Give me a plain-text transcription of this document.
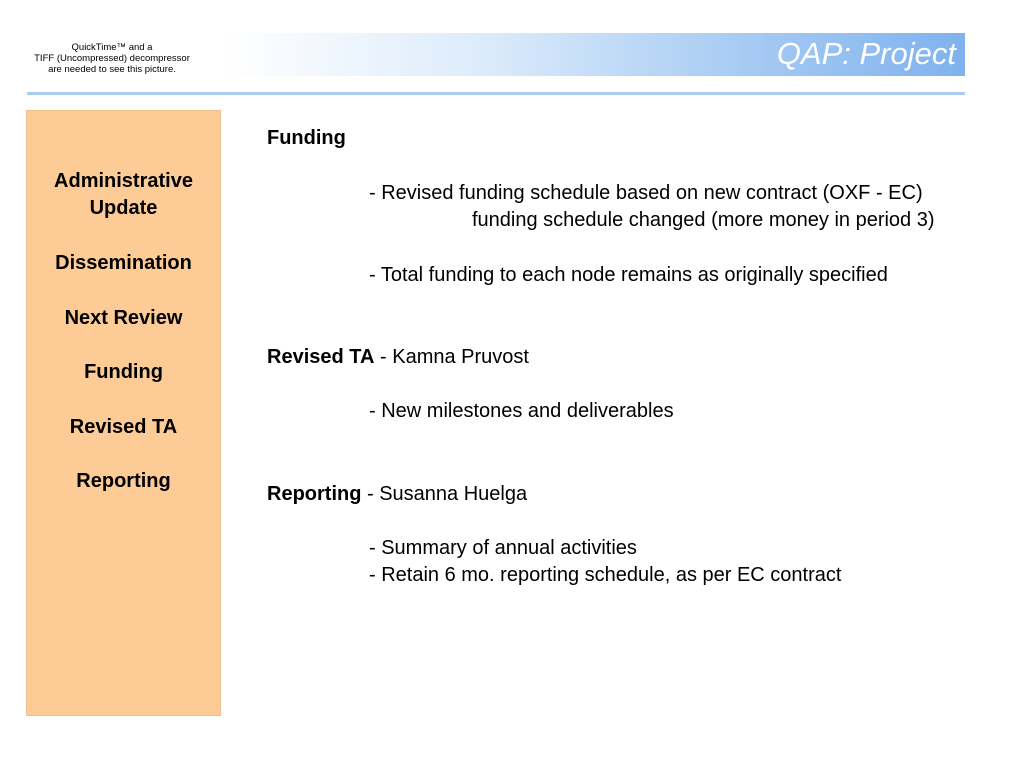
QuickTime™ and a
TIFF (Uncompressed) decompressor
are needed to see this picture.	QAP: Project
Administrative Update
Dissemination
Next Review
Funding
Revised TA
Reporting
Funding
- Revised funding schedule based on new contract (OXF - EC)
funding schedule changed (more money in period 3)
- Total funding to each node remains as originally specified
Revised TA - Kamna Pruvost
- New milestones and deliverables
Reporting - Susanna Huelga
- Summary of annual activities
- Retain 6 mo. reporting schedule, as per EC contract
